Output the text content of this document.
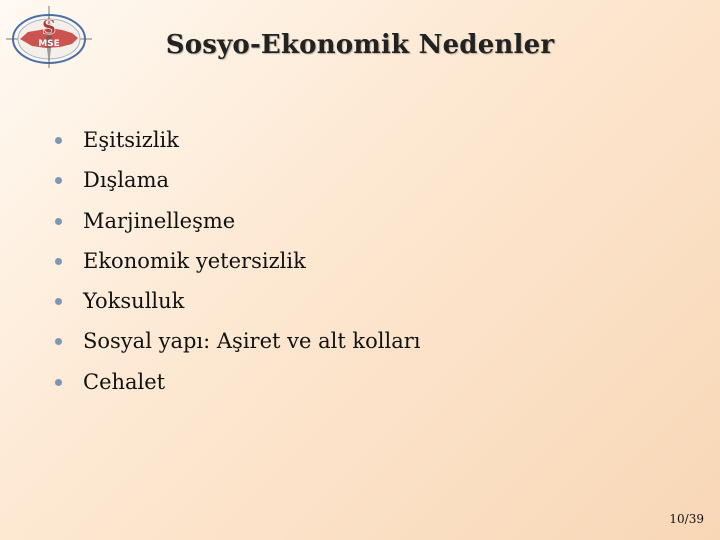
S
MSE	Sosyo-Ekonomik Nedenler
Eşitsizlik
Dışlama
Marjinelleşme
Ekonomik yetersizlik
Yoksulluk
Sosyal yapı: Aşiret ve alt kolları
Cehalet
10/39
